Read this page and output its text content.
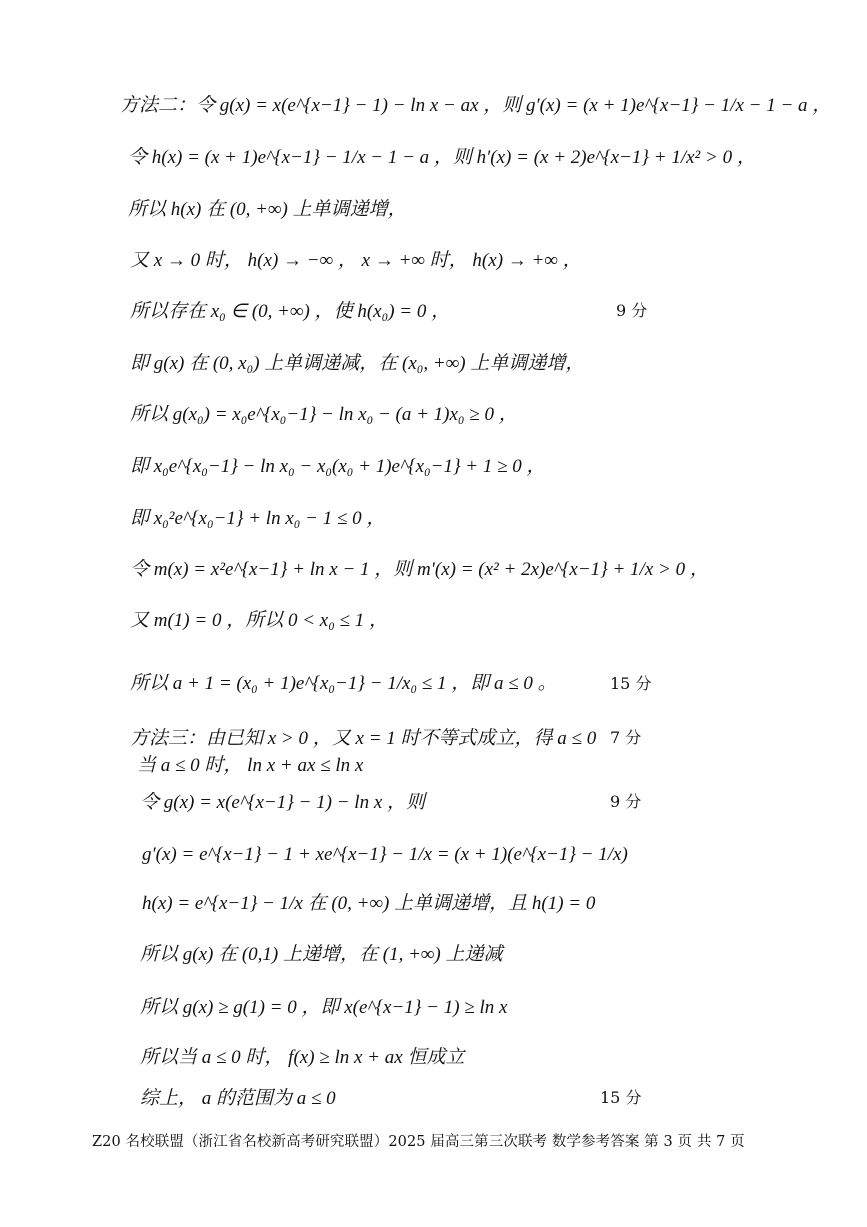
方法二：令 g(x) = x(e^{x−1} − 1) − ln x − ax ，则 g′(x) = (x + 1)e^{x−1} − 1/x − 1 − a ，
令 h(x) = (x + 1)e^{x−1} − 1/x − 1 − a ，则 h′(x) = (x + 2)e^{x−1} + 1/x² > 0 ，
所以 h(x) 在 (0, +∞) 上单调递增，
又 x → 0 时， h(x) → −∞ ， x → +∞ 时， h(x) → +∞ ，
所以存在 x₀ ∈ (0, +∞) ，使 h(x₀) = 0 ，
即 g(x) 在 (0, x₀) 上单调递减，在 (x₀, +∞) 上单调递增，
所以 g(x₀) = x₀e^{x₀−1} − ln x₀ − (a + 1)x₀ ≥ 0 ，
即 x₀e^{x₀−1} − ln x₀ − x₀(x₀ + 1)e^{x₀−1} + 1 ≥ 0 ，
即 x₀²e^{x₀−1} + ln x₀ − 1 ≤ 0 ，
令 m(x) = x²e^{x−1} + ln x − 1 ，则 m′(x) = (x² + 2x)e^{x−1} + 1/x > 0 ，
又 m(1) = 0 ，所以 0 < x₀ ≤ 1 ，
所以 a + 1 = (x₀ + 1)e^{x₀−1} − 1/x₀ ≤ 1 ，即 a ≤ 0 。
方法三：由已知 x > 0 ，又 x = 1 时不等式成立，得 a ≤ 0
当 a ≤ 0 时， ln x + ax ≤ ln x
令 g(x) = x(e^{x−1} − 1) − ln x ，则
g′(x) = e^{x−1} − 1 + xe^{x−1} − 1/x = (x + 1)(e^{x−1} − 1/x)
h(x) = e^{x−1} − 1/x 在 (0, +∞) 上单调递增，且 h(1) = 0
所以 g(x) 在 (0,1) 上递增，在 (1, +∞) 上递减
所以 g(x) ≥ g(1) = 0 ，即 x(e^{x−1} − 1) ≥ ln x
所以当 a ≤ 0 时， f(x) ≥ ln x + ax 恒成立
综上， a 的范围为 a ≤ 0
9 分
15 分
7 分
9 分
15 分
Z20 名校联盟（浙江省名校新高考研究联盟）2025 届高三第三次联考 数学参考答案 第 3 页 共 7 页
